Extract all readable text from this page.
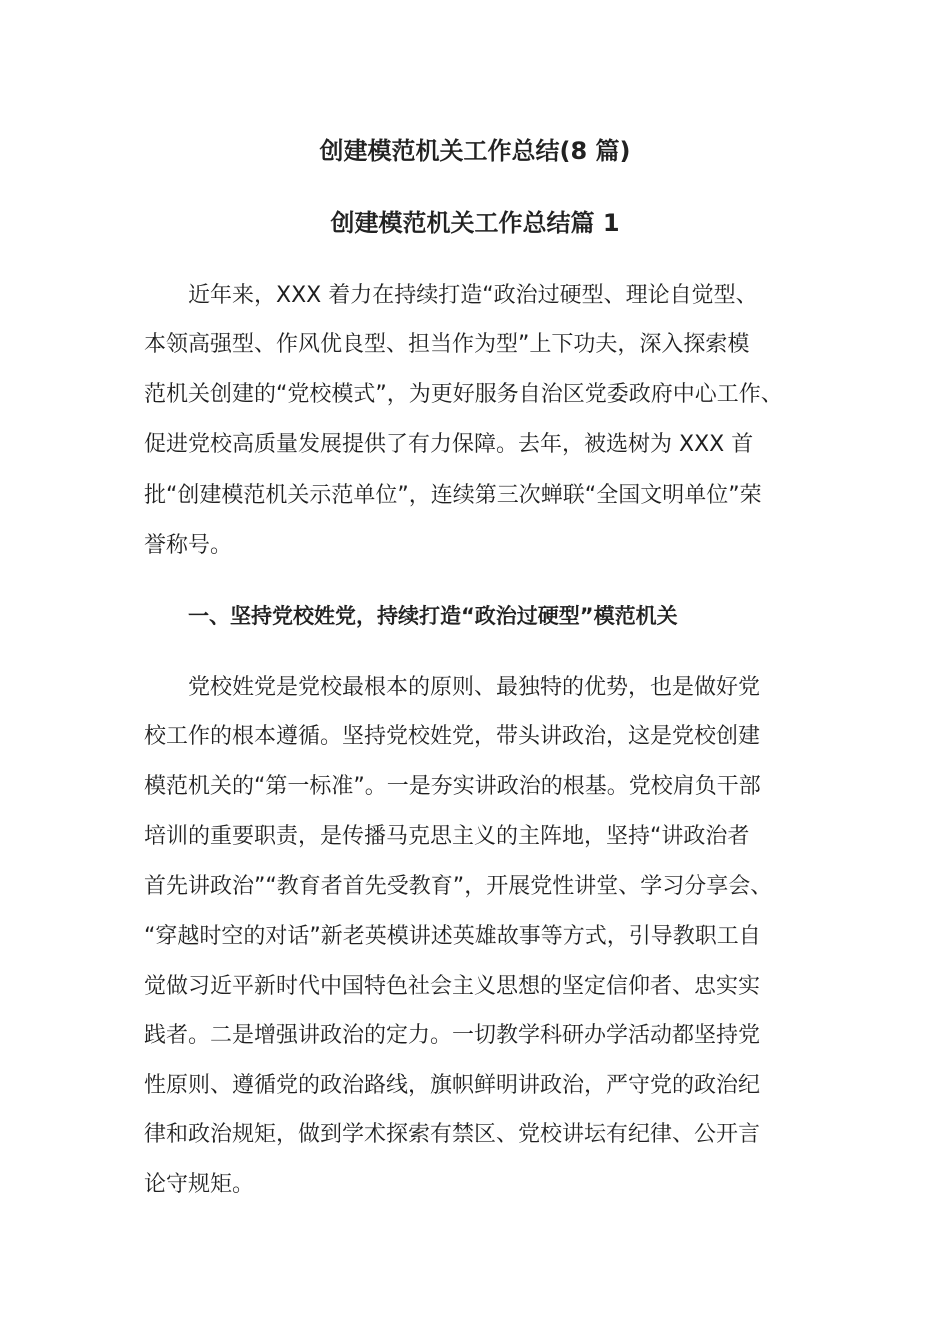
创建模范机关工作总结(8 篇)
创建模范机关工作总结篇 1

近年来，XXX 着力在持续打造“政治过硬型、理论自觉型、

本领高强型、作风优良型、担当作为型”上下功夫，深入探索模

范机关创建的“党校模式”，为更好服务自治区党委政府中心工作、

促进党校高质量发展提供了有力保障。去年，被选树为 XXX 首

批“创建模范机关示范单位”，连续第三次蝉联“全国文明单位”荣

誉称号。

一、坚持党校姓党，持续打造“政治过硬型”模范机关

党校姓党是党校最根本的原则、最独特的优势，也是做好党

校工作的根本遵循。坚持党校姓党，带头讲政治，这是党校创建

模范机关的“第一标准”。一是夯实讲政治的根基。党校肩负干部

培训的重要职责，是传播马克思主义的主阵地，坚持“讲政治者

首先讲政治”“教育者首先受教育”，开展党性讲堂、学习分享会、

“穿越时空的对话”新老英模讲述英雄故事等方式，引导教职工自

觉做习近平新时代中国特色社会主义思想的坚定信仰者、忠实实

践者。二是增强讲政治的定力。一切教学科研办学活动都坚持党

性原则、遵循党的政治路线，旗帜鲜明讲政治，严守党的政治纪

律和政治规矩，做到学术探索有禁区、党校讲坛有纪律、公开言

论守规矩。
